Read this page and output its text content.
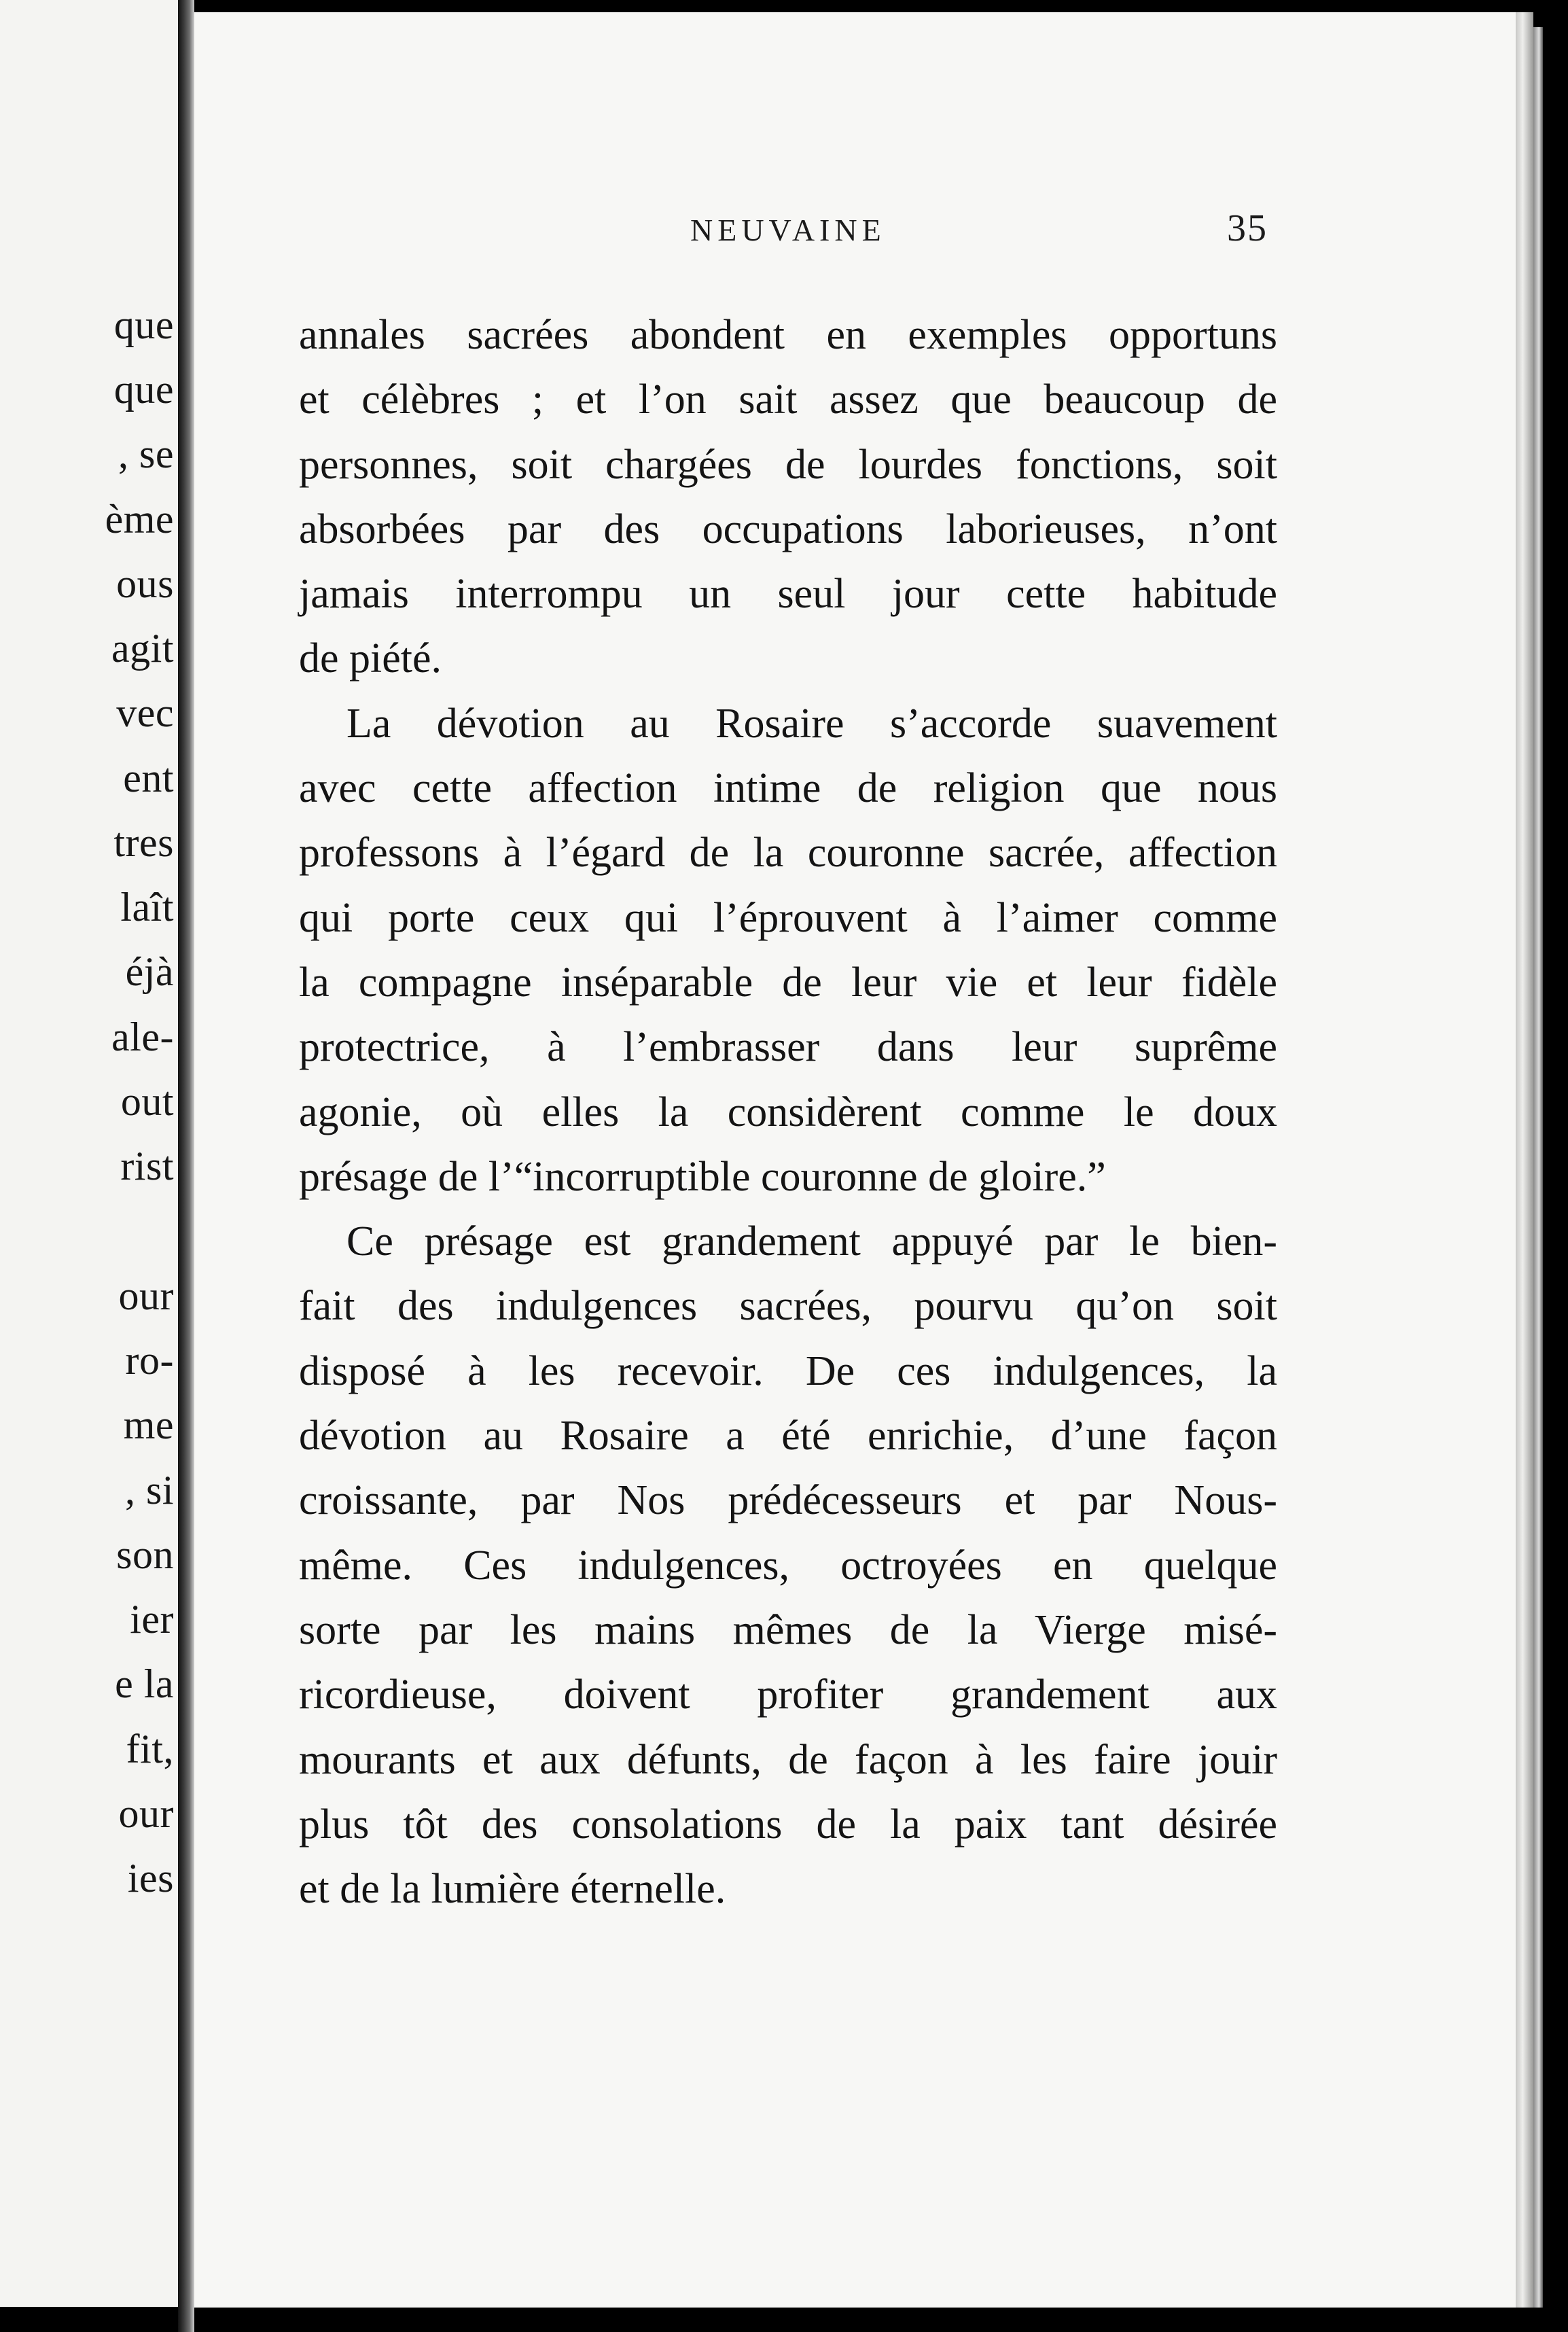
que

que

, se

ème

ous

agit

vec

ent

tres

laît

éjà

ale-

out

rist

our

ro-

me

, si

son

ier

e la

fit,

our

ies

NEUVAINE	35

annales sacrées abondent en exemples opportuns

et célèbres ; et l’on sait assez que beaucoup de

personnes, soit chargées de lourdes fonctions, soit

absorbées par des occupations laborieuses, n’ont

jamais interrompu un seul jour cette habitude

de piété.

La dévotion au Rosaire s’accorde suavement

avec cette affection intime de religion que nous

professons à l’égard de la couronne sacrée, affection

qui porte ceux qui l’éprouvent à l’aimer comme

la compagne inséparable de leur vie et leur fidèle

protectrice, à l’embrasser dans leur suprême

agonie, où elles la considèrent comme le doux

présage de l’“incorruptible couronne de gloire.”

Ce présage est grandement appuyé par le bien-

fait des indulgences sacrées, pourvu qu’on soit

disposé à les recevoir. De ces indulgences, la

dévotion au Rosaire a été enrichie, d’une façon

croissante, par Nos prédécesseurs et par Nous-

même. Ces indulgences, octroyées en quelque

sorte par les mains mêmes de la Vierge misé-

ricordieuse, doivent profiter grandement aux

mourants et aux défunts, de façon à les faire jouir

plus tôt des consolations de la paix tant désirée

et de la lumière éternelle.
